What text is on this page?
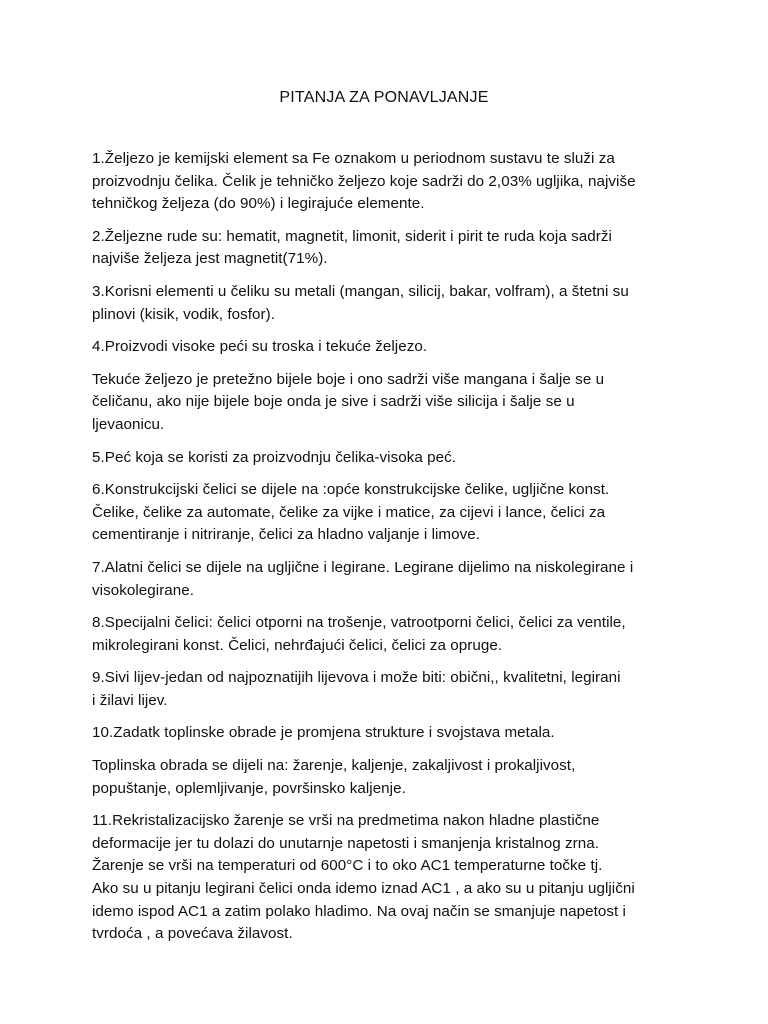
PITANJA ZA PONAVLJANJE
1.Željezo je kemijski element sa Fe oznakom u periodnom sustavu te služi za
proizvodnju čelika. Čelik je tehničko željezo koje sadrži do 2,03% ugljika, najviše
tehničkog željeza (do 90%) i legirajuće elemente.
2.Željezne rude su: hematit, magnetit, limonit, siderit i pirit te ruda koja sadrži
najviše željeza jest magnetit(71%).
3.Korisni elementi u čeliku su metali (mangan, silicij, bakar, volfram), a štetni su
plinovi (kisik, vodik, fosfor).
4.Proizvodi visoke peći su troska i tekuće željezo.
Tekuće željezo je pretežno bijele boje i ono sadrži više mangana i šalje se u
čeličanu, ako nije bijele boje onda je sive i sadrži više silicija i šalje se u
ljevaonicu.
5.Peć koja se koristi za proizvodnju čelika-visoka peć.
6.Konstrukcijski čelici se dijele na :opće konstrukcijske čelike, ugljične konst.
Čelike, čelike za automate, čelike za vijke i matice, za cijevi i lance, čelici za
cementiranje i nitriranje, čelici za hladno valjanje i limove.
7.Alatni čelici se dijele na ugljične i legirane. Legirane dijelimo na niskolegirane i
visokolegirane.
8.Specijalni čelici: čelici otporni na trošenje, vatrootporni čelici, čelici za ventile,
mikrolegirani konst. Čelici, nehrđajući čelici, čelici za opruge.
9.Sivi lijev-jedan od najpoznatijih lijevova i može biti: obični,, kvalitetni, legirani
i žilavi lijev.
10.Zadatk toplinske obrade je promjena strukture i svojstava metala.
Toplinska obrada se dijeli na: žarenje, kaljenje, zakaljivost i prokaljivost,
popuštanje, oplemljivanje, površinsko kaljenje.
11.Rekristalizacijsko žarenje se vrši na predmetima nakon hladne plastične
deformacije jer tu dolazi do unutarnje napetosti i smanjenja kristalnog zrna.
Žarenje se vrši na temperaturi od 600°C i to oko AC1 temperaturne točke tj.
Ako su u pitanju legirani čelici onda idemo iznad AC1 , a ako su u pitanju ugljični
idemo ispod AC1 a zatim polako hladimo. Na ovaj način se smanjuje napetost i
tvrdoća , a povećava žilavost.
